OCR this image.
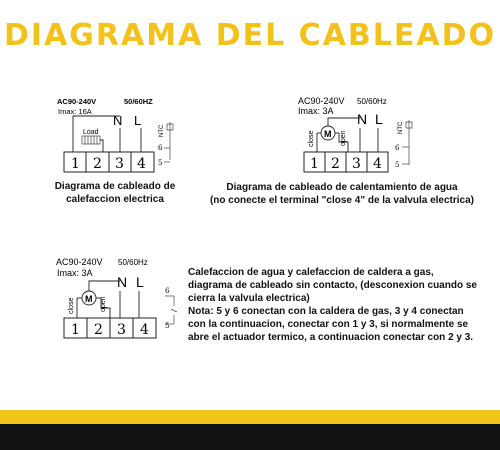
DIAGRAMA DEL CABLEADO
AC90-240V
Imax: 16A
50/60HZ
N L
Load
1 2 3 4
NTC
6
5
AC90-240V
Imax: 3A
50/60Hz
N L
close	open
M
1 2 3 4
NTC
6
5
AC90-240V
Imax: 3A
50/60Hz
N L
close	open
M
1 2 3 4
6
5
Diagrama de cableado de
calefaccion electrica
Diagrama de cableado de calentamiento de agua
(no conecte el terminal "close 4" de la valvula electrica)
Calefaccion de agua y calefaccion de caldera a gas,
diagrama de cableado sin contacto, (desconexion cuando se
cierra la valvula electrica)
Nota: 5 y 6 conectan con la caldera de gas, 3 y 4 conectan
con la continuacion, conectar con 1 y 3, si normalmente se
abre el actuador termico, a continuacion conectar con 2 y 3.
